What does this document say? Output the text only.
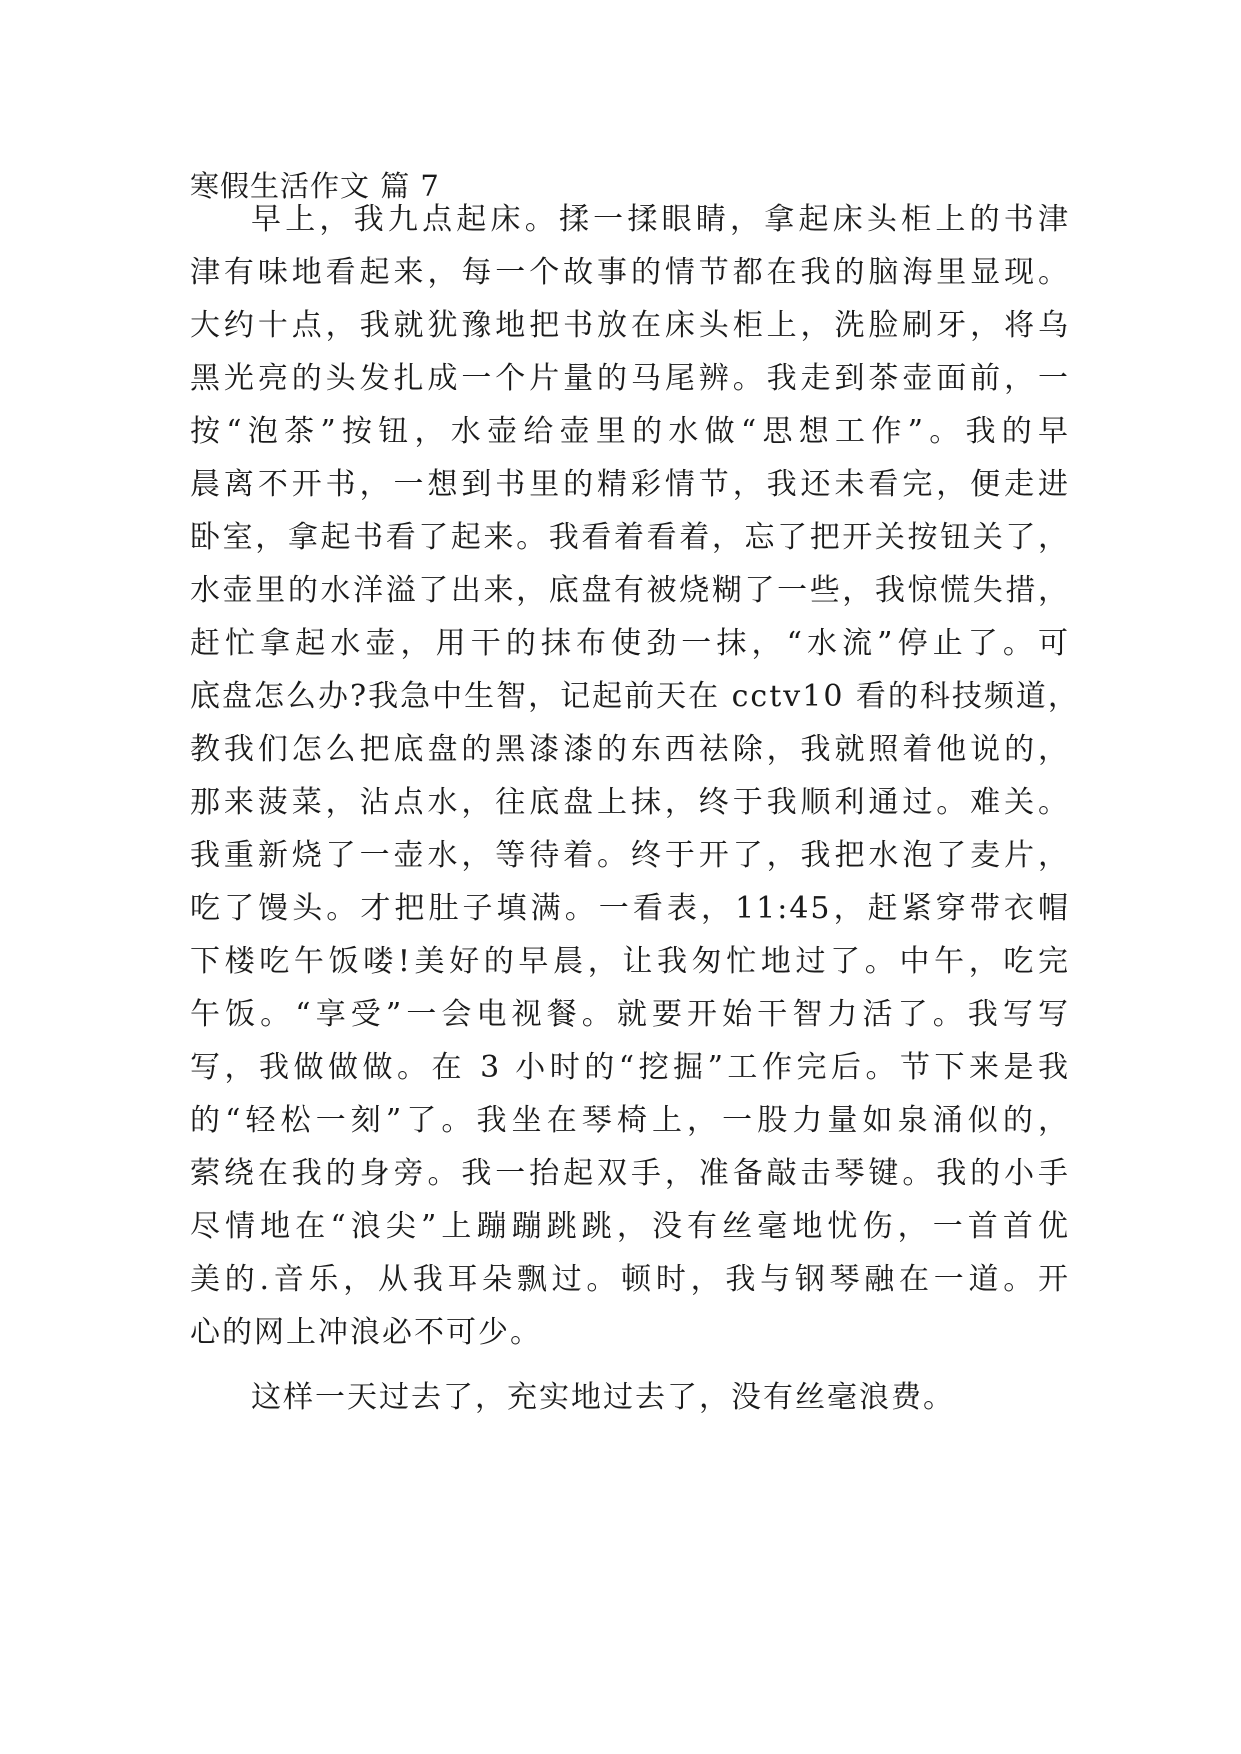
寒假生活作文 篇 7
早上，我九点起床。揉一揉眼睛，拿起床头柜上的书津
津有味地看起来，每一个故事的情节都在我的脑海里显现。
大约十点，我就犹豫地把书放在床头柜上，洗脸刷牙，将乌
黑光亮的头发扎成一个片量的马尾辨。我走到茶壶面前，一
按“泡茶”按钮，水壶给壶里的水做“思想工作”。我的早
晨离不开书，一想到书里的精彩情节，我还未看完，便走进
卧室，拿起书看了起来。我看着看着，忘了把开关按钮关了，
水壶里的水洋溢了出来，底盘有被烧糊了一些，我惊慌失措，
赶忙拿起水壶，用干的抹布使劲一抹，“水流”停止了。可
底盘怎么办?我急中生智，记起前天在 cctv10 看的科技频道，
教我们怎么把底盘的黑漆漆的东西祛除，我就照着他说的，
那来菠菜，沾点水，往底盘上抹，终于我顺利通过。难关。
我重新烧了一壶水，等待着。终于开了，我把水泡了麦片，
吃了馒头。才把肚子填满。一看表，11:45，赶紧穿带衣帽
下楼吃午饭喽!美好的早晨，让我匆忙地过了。中午，吃完
午饭。“享受”一会电视餐。就要开始干智力活了。我写写
写，我做做做。在 3 小时的“挖掘”工作完后。节下来是我
的“轻松一刻”了。我坐在琴椅上，一股力量如泉涌似的，
萦绕在我的身旁。我一抬起双手，准备敲击琴键。我的小手
尽情地在“浪尖”上蹦蹦跳跳，没有丝毫地忧伤，一首首优
美的.音乐，从我耳朵飘过。顿时，我与钢琴融在一道。开
心的网上冲浪必不可少。
这样一天过去了，充实地过去了，没有丝毫浪费。
